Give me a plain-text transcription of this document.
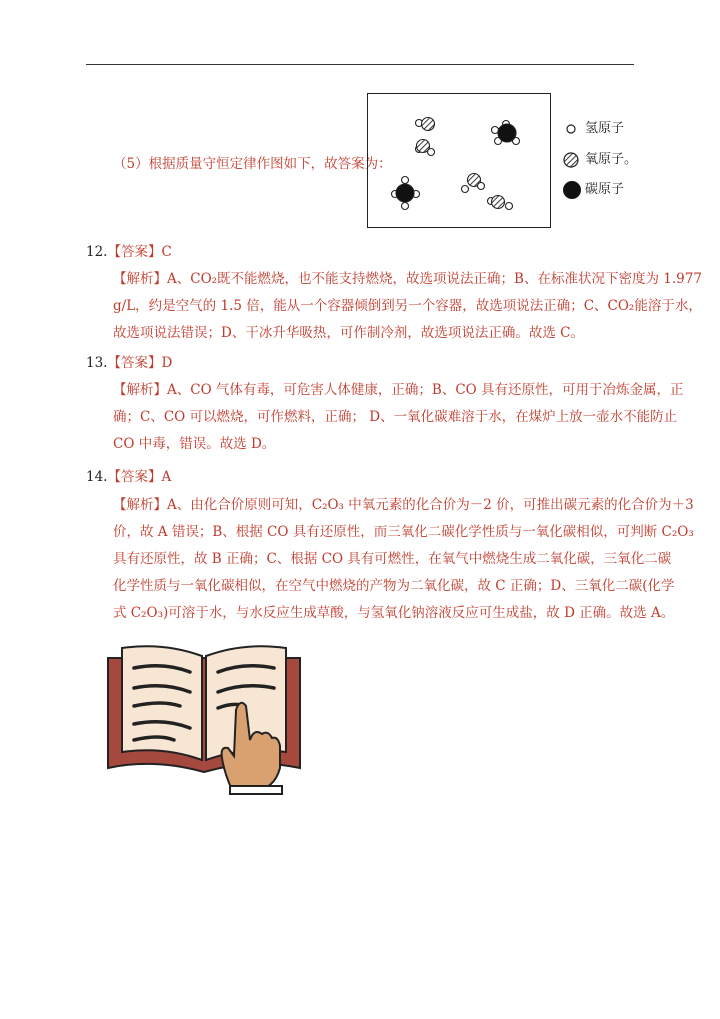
（5）根据质量守恒定律作图如下，故答案为：
氢原子
氧原子。
碳原子
12.【答案】C

【解析】A、CO₂既不能燃烧，也不能支持燃烧，故选项说法正确；B、在标准状况下密度为 1.977

g/L，约是空气的 1.5 倍，能从一个容器倾倒到另一个容器，故选项说法正确；C、CO₂能溶于水，

故选项说法错误；D、干冰升华吸热，可作制冷剂，故选项说法正确。故选 C。

13.【答案】D

【解析】A、CO 气体有毒，可危害人体健康，正确；B、CO 具有还原性，可用于冶炼金属，正

确；C、CO 可以燃烧，可作燃料，正确； D、一氧化碳难溶于水，在煤炉上放一壶水不能防止

CO 中毒，错误。故选 D。

14.【答案】A

【解析】A、由化合价原则可知，C₂O₃ 中氧元素的化合价为－2 价，可推出碳元素的化合价为＋3

价，故 A 错误；B、根据 CO 具有还原性，而三氧化二碳化学性质与一氧化碳相似，可判断 C₂O₃

具有还原性，故 B 正确；C、根据 CO 具有可燃性，在氧气中燃烧生成二氧化碳，三氧化二碳

化学性质与一氧化碳相似，在空气中燃烧的产物为二氧化碳，故 C 正确；D、三氧化二碳(化学

式 C₂O₃)可溶于水，与水反应生成草酸，与氢氧化钠溶液反应可生成盐，故 D 正确。故选 A。
